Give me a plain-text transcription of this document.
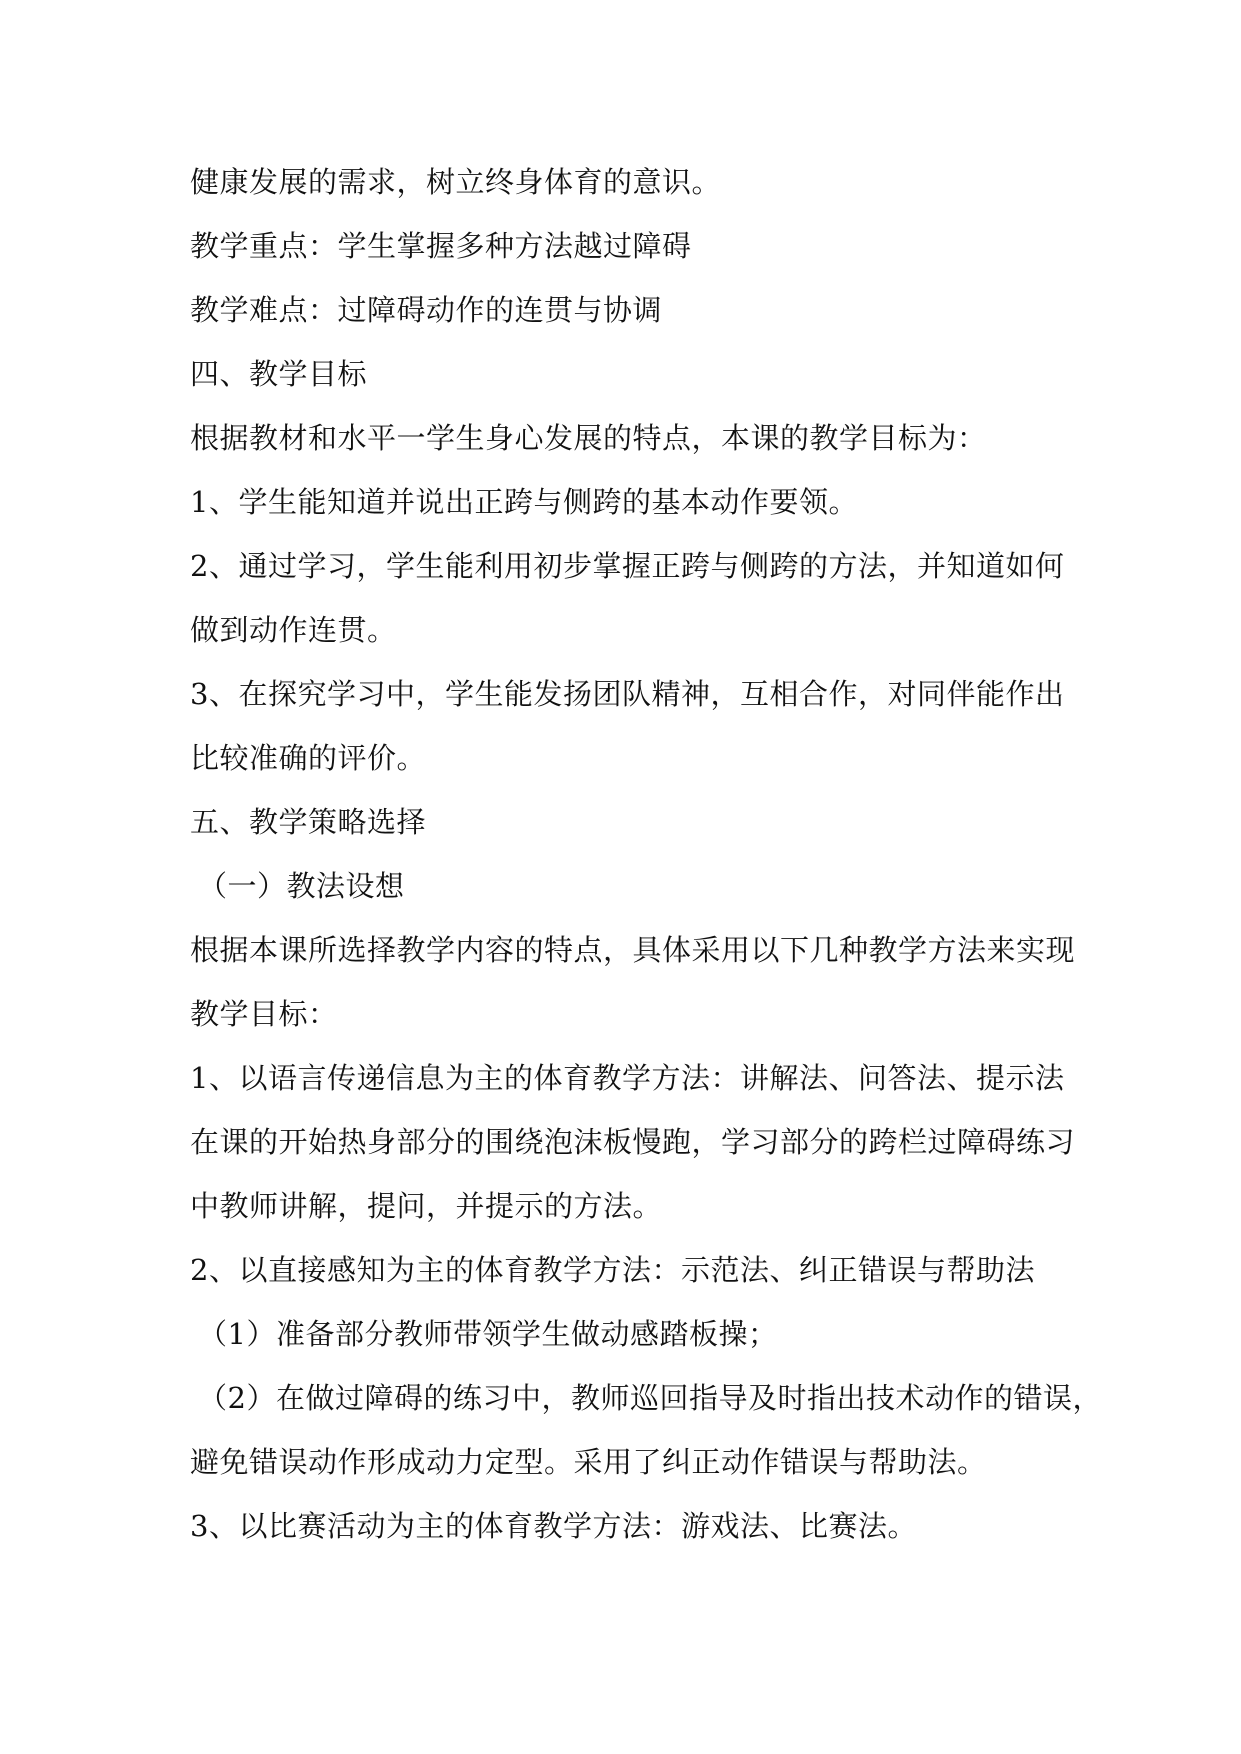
健康发展的需求，树立终身体育的意识。
教学重点：学生掌握多种方法越过障碍
教学难点：过障碍动作的连贯与协调
四、教学目标
根据教材和水平一学生身心发展的特点，本课的教学目标为：
1、学生能知道并说出正跨与侧跨的基本动作要领。
2、通过学习，学生能利用初步掌握正跨与侧跨的方法，并知道如何
做到动作连贯。
3、在探究学习中，学生能发扬团队精神，互相合作，对同伴能作出
比较准确的评价。
五、教学策略选择
（一）教法设想
根据本课所选择教学内容的特点，具体采用以下几种教学方法来实现
教学目标：
1、以语言传递信息为主的体育教学方法：讲解法、问答法、提示法
在课的开始热身部分的围绕泡沫板慢跑，学习部分的跨栏过障碍练习
中教师讲解，提问，并提示的方法。
2、以直接感知为主的体育教学方法：示范法、纠正错误与帮助法
（1）准备部分教师带领学生做动感踏板操；
（2）在做过障碍的练习中，教师巡回指导及时指出技术动作的错误，
避免错误动作形成动力定型。采用了纠正动作错误与帮助法。
3、以比赛活动为主的体育教学方法：游戏法、比赛法。
